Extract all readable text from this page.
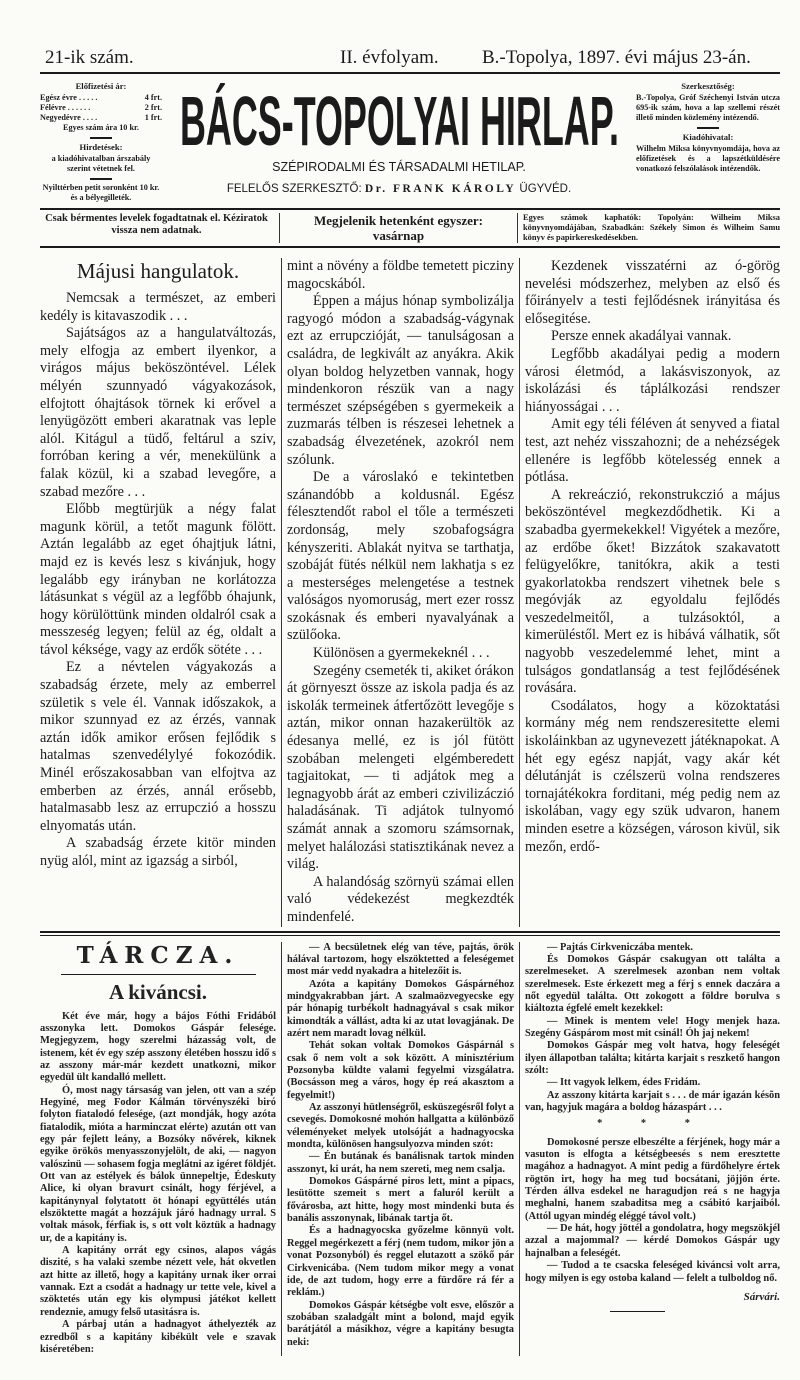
21-ik szám.	II. évfolyam. B.-Topolya, 1897. évi május 23-án.
Előfizetési ár:
Egész évre . . . . .	4 frt.
Félévre . . . . . .	2 frt.
Negyedévre . . . .	1 frt.
Egyes szám ára 10 kr.
Hirdetések:
a kiadóhivatalban árszabály szerint vétetnek fel.
Nyilttérben petit soronként 10 kr. és a bélyegilleték.
BÁCS-TOPOLYAI HIRLAP.
SZÉPIRODALMI ÉS TÁRSADALMI HETILAP.
FELELŐS SZERKESZTŐ: Dr. FRANK KÁROLY ÜGYVÉD.
Szerkesztőség:
B.-Topolya, Gróf Széchenyi István utcza 695-ik szám, hova a lap szellemi részét illető minden közlemény intézendő.
Kiadóhivatal:
Wilhelm Miksa könyvnyomdája, hova az előfizetések és a lapszétküldésére vonatkozó felszólalások intézendők.
Csak bérmentes levelek fogadtatnak el. Kéziratok vissza nem adatnak.
Megjelenik hetenként egyszer:
vasárnap
Egyes számok kaphatók: Topolyán: Wilheim Miksa könyvnyomdájában, Szabadkán: Székely Simon és Wilheim Samu könyv és papirkereskedésekben.
Májusi hangulatok.

Nemcsak a természet, az emberi kedély is kitavaszodik . . .

Sajátságos az a hangulatváltozás, mely elfogja az embert ilyenkor, a virágos május beköszöntével. Lélek mélyén szunnyadó vágyakozások, elfojtott óhajtások törnek ki erővel a lenyügözött emberi akaratnak vas leple alól. Kitágul a tüdő, feltárul a sziv, forróban kering a vér, menekülünk a falak közül, ki a szabad levegőre, a szabad mezőre . . .

Előbb megtürjük a négy falat magunk körül, a tetőt magunk fölött. Aztán legalább az eget óhajtjuk látni, majd ez is kevés lesz s kivánjuk, hogy legalább egy irányban ne korlátozza látásunkat s végül az a legfőbb óhajunk, hogy körülöttünk minden oldalról csak a messzeség legyen; felül az ég, oldalt a távol kéksége, vagy az erdők sötéte . . .

Ez a névtelen vágyakozás a szabadság érzete, mely az emberrel születik s vele él. Vannak időszakok, a mikor szunnyad ez az érzés, vannak aztán idők amikor erősen fejlődik s hatalmas szenvedélylyé fokozódik. Minél erőszakosabban van elfojtva az emberben az érzés, annál erősebb, hatalmasabb lesz az errupczió a hosszu elnyomatás után.

A szabadság érzete kitör minden nyüg alól, mint az igazság a sirból,

mint a növény a földbe temetett picziny magocskából.

Éppen a május hónap symbolizálja ragyogó módon a szabadság-vágynak ezt az errupczióját, — tanulságosan a családra, de legkivált az anyákra. Akik olyan boldog helyzetben vannak, hogy mindenkoron részük van a nagy természet szépségében s gyermekeik a zuzmarás télben is részesei lehetnek a szabadság élvezetének, azokról nem szólunk.

De a városlakó e tekintetben szánandóbb a koldusnál. Egész félesztendőt rabol el tőle a természeti zordonság, mely szobafogságra kényszeriti. Ablakát nyitva se tarthatja, szobáját fütés nélkül nem lakhatja s ez a mesterséges melengetése a testnek valóságos nyomoruság, mert ezer rossz szokásnak és emberi nyavalyának a szülőoka.

Különösen a gyermekeknél . . .

Szegény csemeték ti, akiket órákon át görnyeszt össze az iskola padja és az iskolák termeinek átfertőzött levegője s aztán, mikor onnan hazakerültök az édesanya mellé, ez is jól fütött szobában melengeti elgémberedett tagjaitokat, — ti adjátok meg a legnagyobb árát az emberi czivilizáczió haladásának. Ti adjátok tulnyomó számát annak a szomoru számsornak, melyet halálozási statisztikának nevez a világ.

A halandóság szörnyü számai ellen való védekezést megkezdték mindenfelé.

Kezdenek visszatérni az ó-görög nevelési módszerhez, melyben az első és főirányelv a testi fejlődésnek irányitása és elősegitése.

Persze ennek akadályai vannak.

Legfőbb akadályai pedig a modern városi életmód, a lakásviszonyok, az iskolázási és táplálkozási rendszer hiányosságai . . .

Amit egy téli féléven át senyved a fiatal test, azt nehéz visszahozni; de a nehézségek ellenére is legfőbb kötelesség ennek a pótlása.

A rekreáczió, rekonstrukczió a május beköszöntével megkezdődhetik. Ki a szabadba gyermekekkel! Vigyétek a mezőre, az erdőbe őket! Bizzátok szakavatott felügyelőkre, tanitókra, akik a testi gyakorlatokba rendszert vihetnek bele s megóvják az egyoldalu fejlődés veszedelmeitől, a tulzásoktól, a kimerüléstől. Mert ez is hibává válhatik, sőt nagyobb veszedelemmé lehet, mint a tulságos gondatlanság a test fejlődésének rovására.

Csodálatos, hogy a közoktatási kormány még nem rendszeresitette elemi iskoláinkban az ugynevezett játéknapokat. A hét egy egész napját, vagy akár két délutánját is czélszerü volna rendszeres tornajátékokra forditani, még pedig nem az iskolában, vagy egy szük udvaron, hanem minden esetre a községen, városon kivül, sik mezőn, erdő-

TÁRCZA.
A kiváncsi.

Két éve már, hogy a bájos Fóthi Fridából asszonyka lett. Domokos Gáspár felesége. Megjegyzem, hogy szerelmi házasság volt, de istenem, két év egy szép asszony életében hosszu idő s az asszony már-már kezdett unatkozni, mikor egyedül ült kandalló mellett.

Ó, most nagy társaság van jelen, ott van a szép Hegyiné, meg Fodor Kálmán törvényszéki biró folyton fiatalodó felesége, (azt mondják, hogy azóta fiatalodik, mióta a harminczat elérte) azután ott van egy pár fejlett leány, a Bozsóky nővérek, kiknek egyike örökös menyasszonyjelölt, de aki, — nagyon valószinü — sohasem fogja meglátni az igéret földjét. Ott van az estélyek és bálok ünnepeltje, Édeskuty Alice, ki olyan bravurt csinált, hogy férjével, a kapitánynyal folytatott öt hónapi együttélés után elszöktette magát a hozzájuk járó hadnagy urral. S voltak mások, férfiak is, s ott volt köztük a hadnagy ur, de a kapitány is.

A kapitány orrát egy csinos, alapos vágás diszité, s ha valaki szembe nézett vele, hát okvetlen azt hitte az illető, hogy a kapitány urnak iker orrai vannak. Ezt a csodát a hadnagy ur tette vele, kivel a szöktetés után egy kis olympusi játékot kellett rendeznie, amugy felső utasitásra is.

A párbaj után a hadnagyot áthelyezték az ezredből s a kapitány kibékült vele e szavak kiséretében:

— A becsületnek elég van téve, pajtás, örök hálával tartozom, hogy elszöktetted a feleségemet most már vedd nyakadra a hitelezőit is.

Azóta a kapitány Domokos Gáspárnéhoz mindgyakrabban járt. A szalmaözvegyecske egy pár hónapig turbékolt hadnagyával s csak mikor kimondták a vállást, adta ki az utat lovagjának. De azért nem maradt lovag nélkül.

Tehát sokan voltak Domokos Gáspárnál s csak ő nem volt a sok között. A minisztérium Pozsonyba küldte valami fegyelmi vizsgálatra. (Bocsásson meg a város, hogy ép reá akasztom a fegyelmit!)

Az asszonyi hütlenségről, esküszegésről folyt a csevegés. Domokosné mohón hallgatta a különböző véleményeket melyek utolsóját a hadnagyocska mondta, különösen hangsulyozva minden szót:

— Én butának és banálisnak tartok minden asszonyt, ki urát, ha nem szereti, meg nem csalja.

Domokos Gáspárné piros lett, mint a pipacs, lesütötte szemeit s mert a faluról került a fővárosba, azt hitte, hogy most mindenki buta és banális asszonynak, libának tartja őt.

És a hadnagyocska győzelme könnyü volt. Reggel megérkezett a férj (nem tudom, mikor jön a vonat Pozsonyból) és reggel elutazott a szökő pár Cirkvenicába. (Nem tudom mikor megy a vonat ide, de azt tudom, hogy erre a fürdőre rá fér a reklám.)

Domokos Gáspár kétségbe volt esve, először a szobában szaladgált mint a bolond, majd egyik barátjától a másikhoz, végre a kapitány besugta neki:

— Pajtás Cirkveniczába mentek.

És Domokos Gáspár csakugyan ott találta a szerelmeseket. A szerelmesek azonban nem voltak szerelmesek. Este érkezett meg a férj s ennek daczára a nőt egyedül találta. Ott zokogott a földre borulva s kiáltozta égfelé emelt kezekkel:

— Minek is mentem vele! Hogy menjek haza. Szegény Gáspárom most mit csinál! Óh jaj nekem!

Domokos Gáspár meg volt hatva, hogy feleségét ilyen állapotban találta; kitárta karjait s reszkető hangon szólt:

— Itt vagyok lelkem, édes Fridám.

Az asszony kitárta karjait s . . . de már igazán késõn van, hagyjuk magára a boldog házaspárt . . .

* * *

Domokosné persze elbeszélte a férjének, hogy már a vasuton is elfogta a kétségbeesés s nem eresztette magához a hadnagyot. A mint pedig a fürdőhelyre értek rögtön irt, hogy ha meg tud bocsátani, jöjjön érte. Térden állva esdekel ne haragudjon reá s ne hagyja meghalni, hanem szabaditsa meg a csábitó karjaiból. (Attól ugyan mindég eléggé távol volt.)

— De hát, hogy jöttél a gondolatra, hogy megszökjél azzal a majommal? — kérdé Domokos Gáspár ugy hajnalban a feleségét.

— Tudod a te csacska feleséged kiváncsi volt arra, hogy milyen is egy ostoba kaland — felelt a tulboldog nő.

Sárvári.
